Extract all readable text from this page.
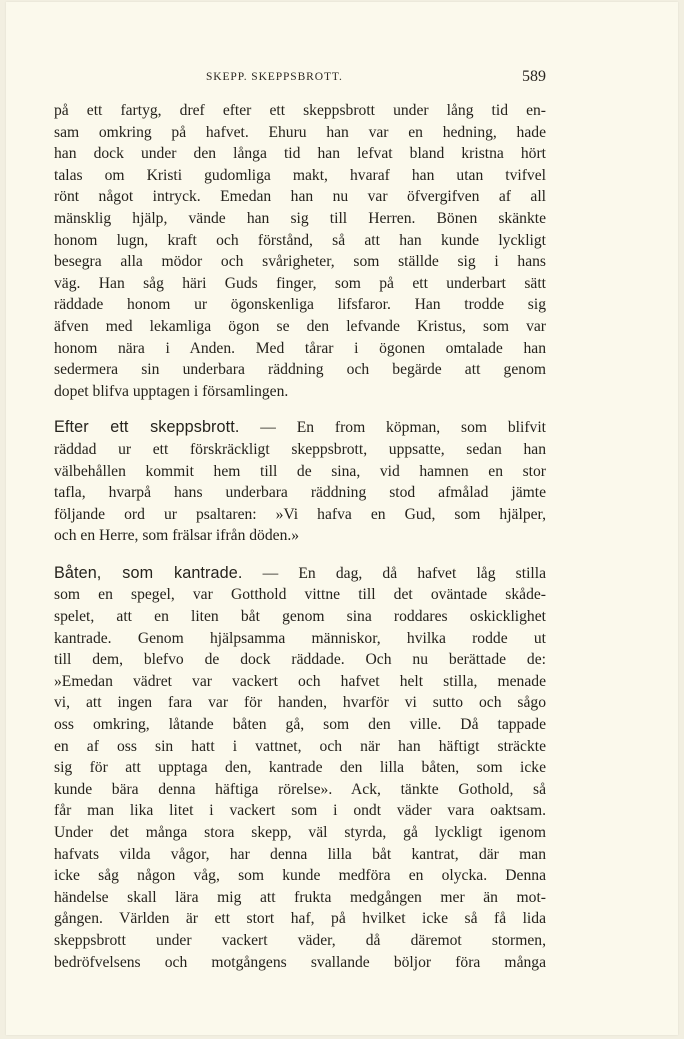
SKEPP. SKEPPSBROTT.	589
på ett fartyg, dref efter ett skeppsbrott under lång tid en-
sam omkring på hafvet. Ehuru han var en hedning, hade
han dock under den långa tid han lefvat bland kristna hört
talas om Kristi gudomliga makt, hvaraf han utan tvifvel
rönt något intryck. Emedan han nu var öfvergifven af all
mänsklig hjälp, vände han sig till Herren. Bönen skänkte
honom lugn, kraft och förstånd, så att han kunde lyckligt
besegra alla mödor och svårigheter, som ställde sig i hans
väg. Han såg häri Guds finger, som på ett underbart sätt
räddade honom ur ögonskenliga lifsfaror. Han trodde sig
äfven med lekamliga ögon se den lefvande Kristus, som var
honom nära i Anden. Med tårar i ögonen omtalade han
sedermera sin underbara räddning och begärde att genom
dopet blifva upptagen i församlingen.
Efter ett skeppsbrott. — En from köpman, som blifvit
räddad ur ett förskräckligt skeppsbrott, uppsatte, sedan han
välbehållen kommit hem till de sina, vid hamnen en stor
tafla, hvarpå hans underbara räddning stod afmålad jämte
följande ord ur psaltaren: »Vi hafva en Gud, som hjälper,
och en Herre, som frälsar ifrån döden.»
Båten, som kantrade. — En dag, då hafvet låg stilla
som en spegel, var Gotthold vittne till det oväntade skåde-
spelet, att en liten båt genom sina roddares oskicklighet
kantrade. Genom hjälpsamma människor, hvilka rodde ut
till dem, blefvo de dock räddade. Och nu berättade de:
»Emedan vädret var vackert och hafvet helt stilla, menade
vi, att ingen fara var för handen, hvarför vi sutto och sågo
oss omkring, låtande båten gå, som den ville. Då tappade
en af oss sin hatt i vattnet, och när han häftigt sträckte
sig för att upptaga den, kantrade den lilla båten, som icke
kunde bära denna häftiga rörelse». Ack, tänkte Gothold, så
får man lika litet i vackert som i ondt väder vara oaktsam.
Under det många stora skepp, väl styrda, gå lyckligt igenom
hafvats vilda vågor, har denna lilla båt kantrat, där man
icke såg någon våg, som kunde medföra en olycka. Denna
händelse skall lära mig att frukta medgången mer än mot-
gången. Världen är ett stort haf, på hvilket icke så få lida
skeppsbrott under vackert väder, då däremot stormen,
bedröfvelsens och motgångens svallande böljor föra många
